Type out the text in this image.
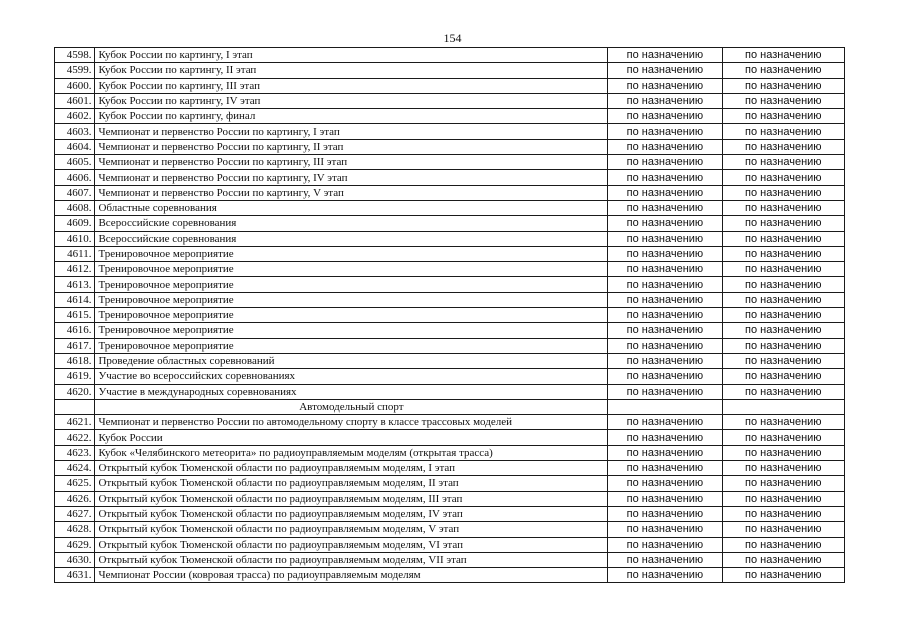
154
4598.	Кубок России по картингу, I этап	по назначению	по назначению
4599.	Кубок России по картингу, II этап	по назначению	по назначению
4600.	Кубок России по картингу, III этап	по назначению	по назначению
4601.	Кубок России по картингу, IV этап	по назначению	по назначению
4602.	Кубок России по картингу, финал	по назначению	по назначению
4603.	Чемпионат и первенство России по картингу, I этап	по назначению	по назначению
4604.	Чемпионат и первенство России по картингу, II этап	по назначению	по назначению
4605.	Чемпионат и первенство России по картингу, III этап	по назначению	по назначению
4606.	Чемпионат и первенство России по картингу, IV этап	по назначению	по назначению
4607.	Чемпионат и первенство России по картингу, V этап	по назначению	по назначению
4608.	Областные соревнования	по назначению	по назначению
4609.	Всероссийские соревнования	по назначению	по назначению
4610.	Всероссийские соревнования	по назначению	по назначению
4611.	Тренировочное мероприятие	по назначению	по назначению
4612.	Тренировочное мероприятие	по назначению	по назначению
4613.	Тренировочное мероприятие	по назначению	по назначению
4614.	Тренировочное мероприятие	по назначению	по назначению
4615.	Тренировочное мероприятие	по назначению	по назначению
4616.	Тренировочное мероприятие	по назначению	по назначению
4617.	Тренировочное мероприятие	по назначению	по назначению
4618.	Проведение областных соревнований	по назначению	по назначению
4619.	Участие во всероссийских соревнованиях	по назначению	по назначению
4620.	Участие в международных соревнованиях	по назначению	по назначению
	Автомодельный спорт		
4621.	Чемпионат и первенство России по автомодельному спорту в классе трассовых моделей	по назначению	по назначению
4622.	Кубок России	по назначению	по назначению
4623.	Кубок «Челябинского метеорита» по радиоуправляемым моделям (открытая трасса)	по назначению	по назначению
4624.	Открытый кубок Тюменской области по радиоуправляемым моделям, I этап	по назначению	по назначению
4625.	Открытый кубок Тюменской области по радиоуправляемым моделям, II этап	по назначению	по назначению
4626.	Открытый кубок Тюменской области по радиоуправляемым моделям, III этап	по назначению	по назначению
4627.	Открытый кубок Тюменской области по радиоуправляемым моделям, IV этап	по назначению	по назначению
4628.	Открытый кубок Тюменской области по радиоуправляемым моделям, V этап	по назначению	по назначению
4629.	Открытый кубок Тюменской области по радиоуправляемым моделям, VI этап	по назначению	по назначению
4630.	Открытый кубок Тюменской области по радиоуправляемым моделям, VII этап	по назначению	по назначению
4631.	Чемпионат России (ковровая трасса) по радиоуправляемым моделям	по назначению	по назначению
